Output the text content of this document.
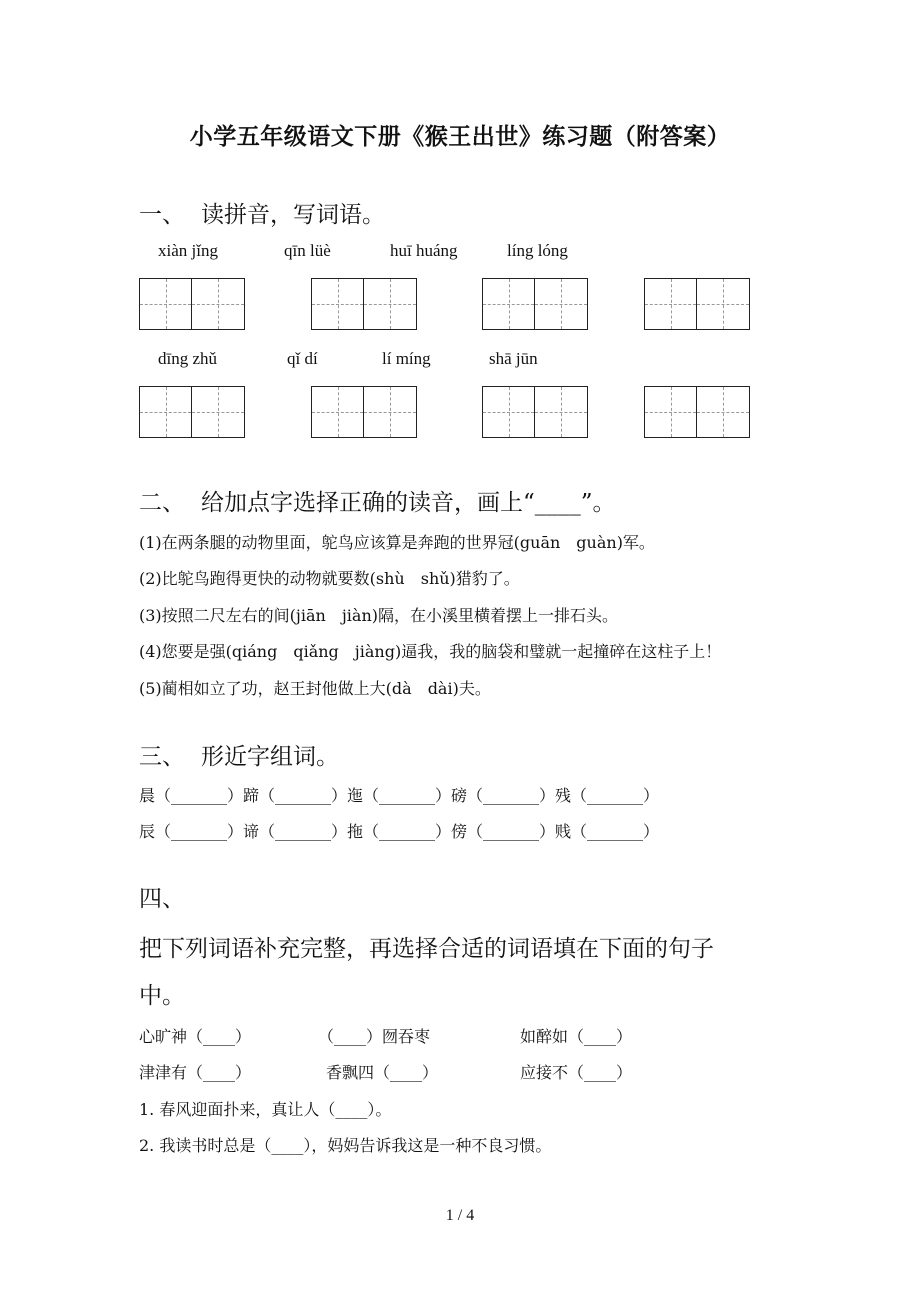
小学五年级语文下册《猴王出世》练习题（附答案）
一、 读拼音，写词语。
xiàn jǐng	qīn lüè	huī huáng	líng lóng
dīng zhǔ	qǐ dí	lí míng	shā jūn
二、 给加点字选择正确的读音，画上“____”。
(1)在两条腿的动物里面，鸵鸟应该算是奔跑的世界冠(guān　guàn)军。
(2)比鸵鸟跑得更快的动物就要数(shù　shǔ)猎豹了。
(3)按照二尺左右的间(jiān　jiàn)隔，在小溪里横着摆上一排石头。
(4)您要是强(qiáng　qiǎng　jiàng)逼我，我的脑袋和璧就一起撞碎在这柱子上！
(5)蔺相如立了功，赵王封他做上大(dà　dài)夫。
三、 形近字组词。
晨（_______）蹄（_______）迤（_______）磅（_______）残（_______）
辰（_______）谛（_______）拖（_______）傍（_______）贱（_______）
四、
把下列词语补充完整，再选择合适的词语填在下面的句子
中。
心旷神（____）	（____）囫吞枣	如醉如（____）
津津有（____）	香飘四（____）	应接不（____）
1. 春风迎面扑来，真让人（____）。
2. 我读书时总是（____），妈妈告诉我这是一种不良习惯。
1 / 4
